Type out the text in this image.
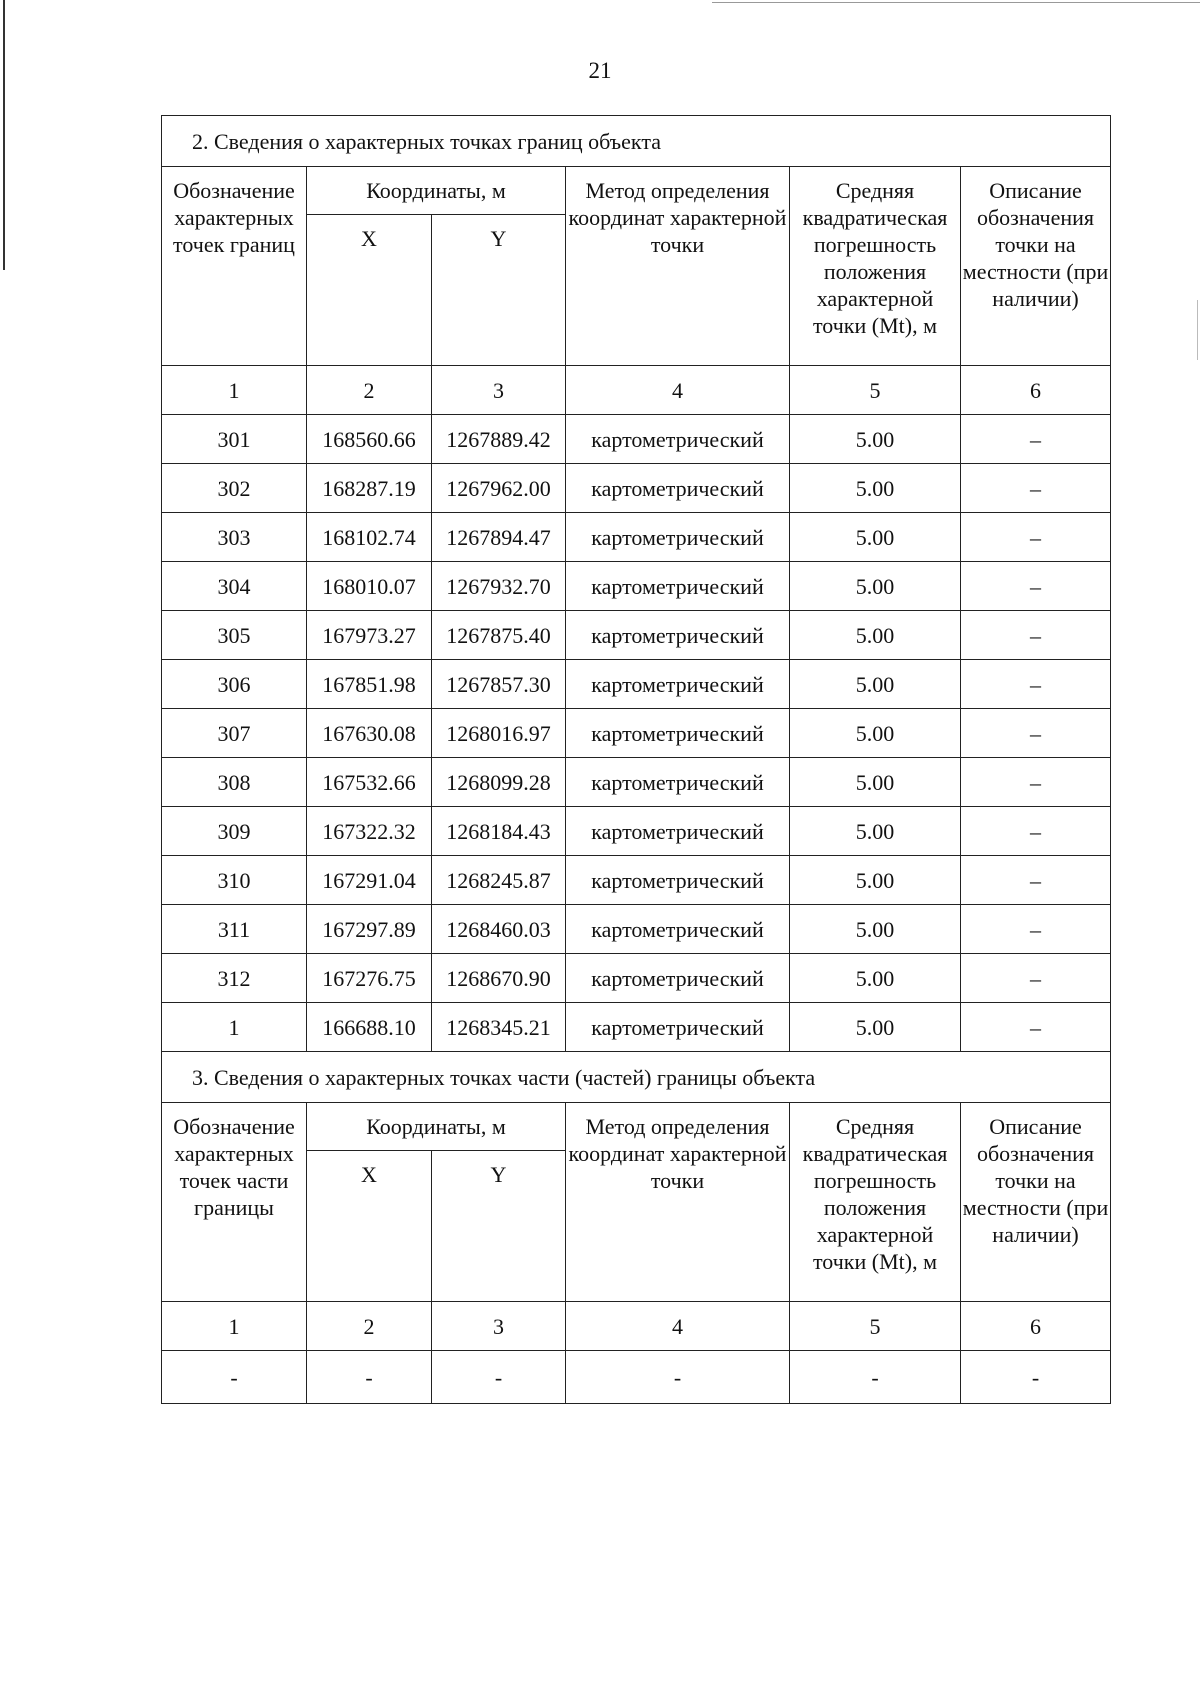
21
2. Сведения о характерных точках границ объекта					
Обозначение характерных точек границ	Координаты, м		Метод определения координат характерной точки	Средняя квадратическая погрешность положения характерной точки (Mt), м	Описание обозначения точки на местности (при наличии)
	X	Y			
1	2	3	4	5	6
301	168560.66	1267889.42	картометрический	5.00	–
302	168287.19	1267962.00	картометрический	5.00	–
303	168102.74	1267894.47	картометрический	5.00	–
304	168010.07	1267932.70	картометрический	5.00	–
305	167973.27	1267875.40	картометрический	5.00	–
306	167851.98	1267857.30	картометрический	5.00	–
307	167630.08	1268016.97	картометрический	5.00	–
308	167532.66	1268099.28	картометрический	5.00	–
309	167322.32	1268184.43	картометрический	5.00	–
310	167291.04	1268245.87	картометрический	5.00	–
311	167297.89	1268460.03	картометрический	5.00	–
312	167276.75	1268670.90	картометрический	5.00	–
1	166688.10	1268345.21	картометрический	5.00	–
3. Сведения о характерных точках части (частей) границы объекта					
Обозначение характерных точек части границы	Координаты, м		Метод определения координат характерной точки	Средняя квадратическая погрешность положения характерной точки (Mt), м	Описание обозначения точки на местности (при наличии)
	X	Y			
1	2	3	4	5	6
-	-	-	-	-	-
